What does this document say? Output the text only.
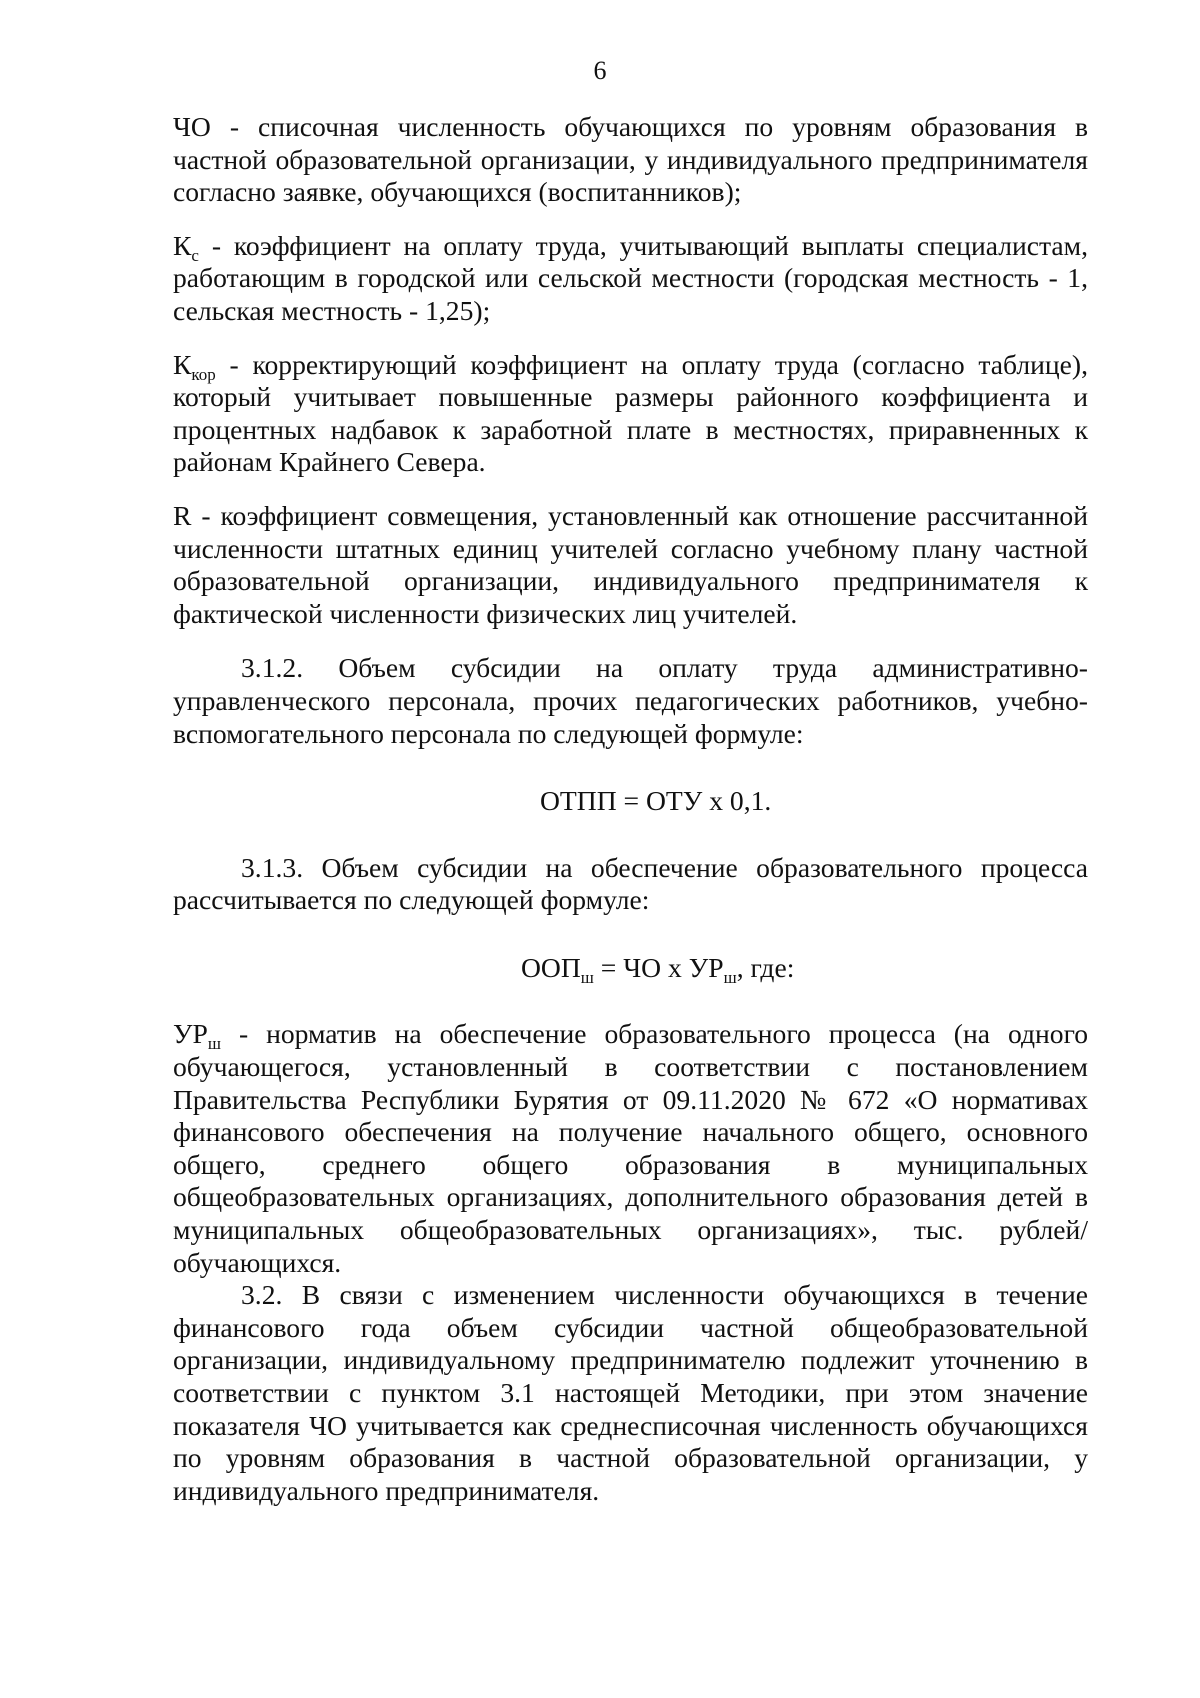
6

ЧО - списочная численность обучающихся по уровням образования в частной образовательной организации, у индивидуального предпринимателя согласно заявке, обучающихся (воспитанников);

$К_с$ - коэффициент на оплату труда, учитывающий выплаты специалистам, работающим в городской или сельской местности (городская местность - 1, сельская местность - 1,25);

$К_{кор}$ - корректирующий коэффициент на оплату труда (согласно таблице), который учитывает повышенные размеры районного коэффициента и процентных надбавок к заработной плате в местностях, приравненных к районам Крайнего Севера.

R - коэффициент совмещения, установленный как отношение рассчитанной численности штатных единиц учителей согласно учебному плану частной образовательной организации, индивидуального предпринимателя к фактической численности физических лиц учителей.

3.1.2. Объем субсидии на оплату труда административно-управленческого персонала, прочих педагогических работников, учебно-вспомогательного персонала по следующей формуле:

ОТПП = ОТУ х 0,1.

3.1.3. Объем субсидии на обеспечение образовательного процесса рассчитывается по следующей формуле:

$ООП_ш$ = ЧО х $УР_ш$, где:

$УР_ш$ - норматив на обеспечение образовательного процесса (на одного обучающегося, установленный в соответствии с постановлением Правительства Республики Бурятия от 09.11.2020 № 672 «О нормативах финансового обеспечения на получение начального общего, основного общего, среднего общего образования в муниципальных общеобразовательных организациях, дополнительного образования детей в муниципальных общеобразовательных организациях», тыс. рублей/ обучающихся.

3.2. В связи с изменением численности обучающихся в течение финансового года объем субсидии частной общеобразовательной организации, индивидуальному предпринимателю подлежит уточнению в соответствии с пунктом 3.1 настоящей Методики, при этом значение показателя ЧО учитывается как среднесписочная численность обучающихся по уровням образования в частной образовательной организации, у индивидуального предпринимателя.
